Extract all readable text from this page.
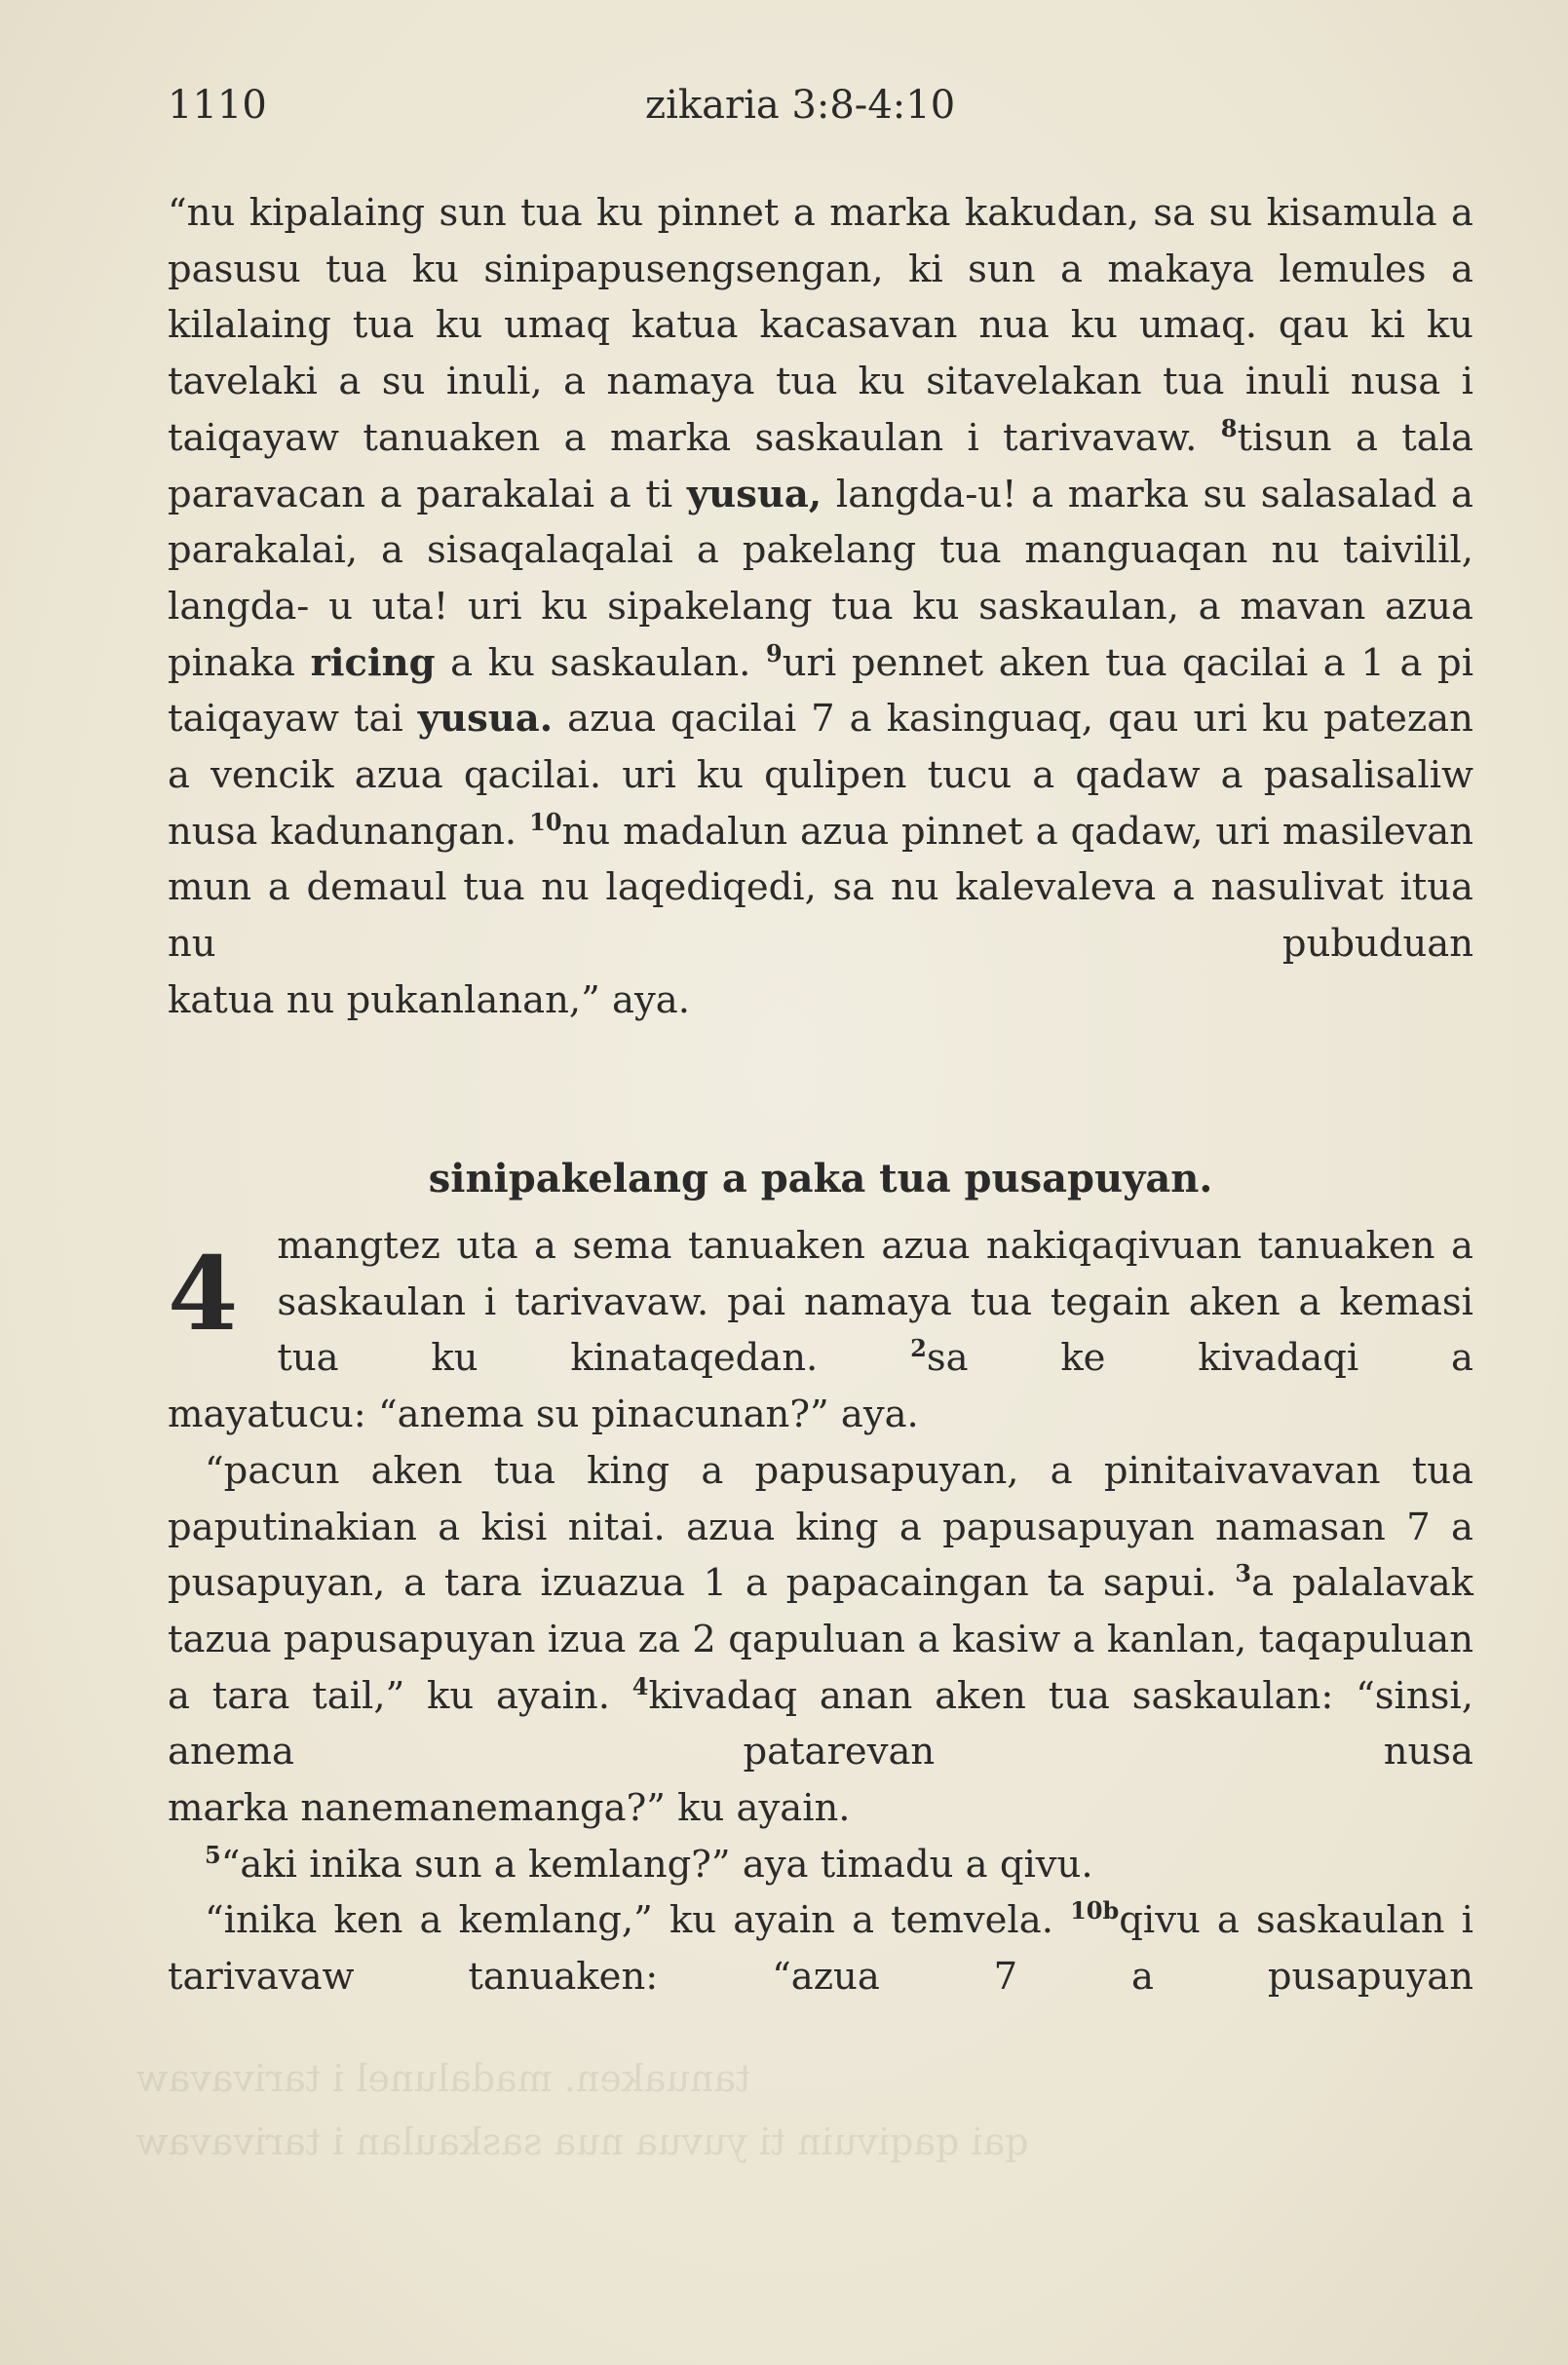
tanuaken. madalunel i tarivavaw
qai qaqivuin ti yuvua nua saskaulan i tarivavaw
1110	zikaria 3:8-4:10

“nu kipalaing sun tua ku pinnet a marka kakudan, sa su kisamula a pasusu tua ku sinipapusengsengan, ki sun a makaya lemules a kilalaing tua ku umaq katua kacasavan nua ku umaq. qau ki ku tavelaki a su inuli, a namaya tua ku sitavelakan tua inuli nusa i taiqayaw tanuaken a marka saskaulan i tarivavaw. $^8$tisun a tala paravacan a parakalai a ti yusua, langda-u! a marka su salasalad a parakalai, a sisaqalaqalai a pakelang tua manguaqan nu taivilil, langda- u uta! uri ku sipakelang tua ku saskaulan, a mavan azua pinaka ricing a ku saskaulan. $^9$uri pennet aken tua qacilai a 1 a pi taiqayaw tai yusua. azua qacilai 7 a kasinguaq, qau uri ku patezan a vencik azua qacilai. uri ku qulipen tucu a qadaw a pasalisaliw nusa kadunangan. $^{10}$nu madalun azua pinnet a qadaw, uri masilevan mun a demaul tua nu laqediqedi, sa nu kalevaleva a nasulivat itua nu pubuduan

katua nu pukanlanan,” aya.

sinipakelang a paka tua pusapuyan.
4	mangtez uta a sema tanuaken azua nakiqaqivuan tanuaken a saskaulan i tarivavaw. pai namaya tua tegain aken a kemasi tua ku kinataqedan.	$^2$sa ke kivadaqi a

mayatucu: “anema su pinacunan?” aya.

“pacun aken tua king a papusapuyan, a pinitaivavavan tua paputinakian a kisi nitai. azua king a papusapuyan namasan 7 a pusapuyan, a tara izuazua 1 a papacaingan ta sapui. $^3$a palalavak tazua papusapuyan izua za 2 qapuluan a kasiw a kanlan, taqapuluan a tara tail,” ku ayain. $^4$kivadaq anan aken tua saskaulan: “sinsi, anema patarevan nusa

marka nanemanemanga?” ku ayain.

$^5$“aki inika sun a kemlang?” aya timadu a qivu.

“inika ken a kemlang,” ku ayain a temvela. $^{10b}$qivu a saskaulan i tarivavaw tanuaken: “azua 7 a pusapuyan
